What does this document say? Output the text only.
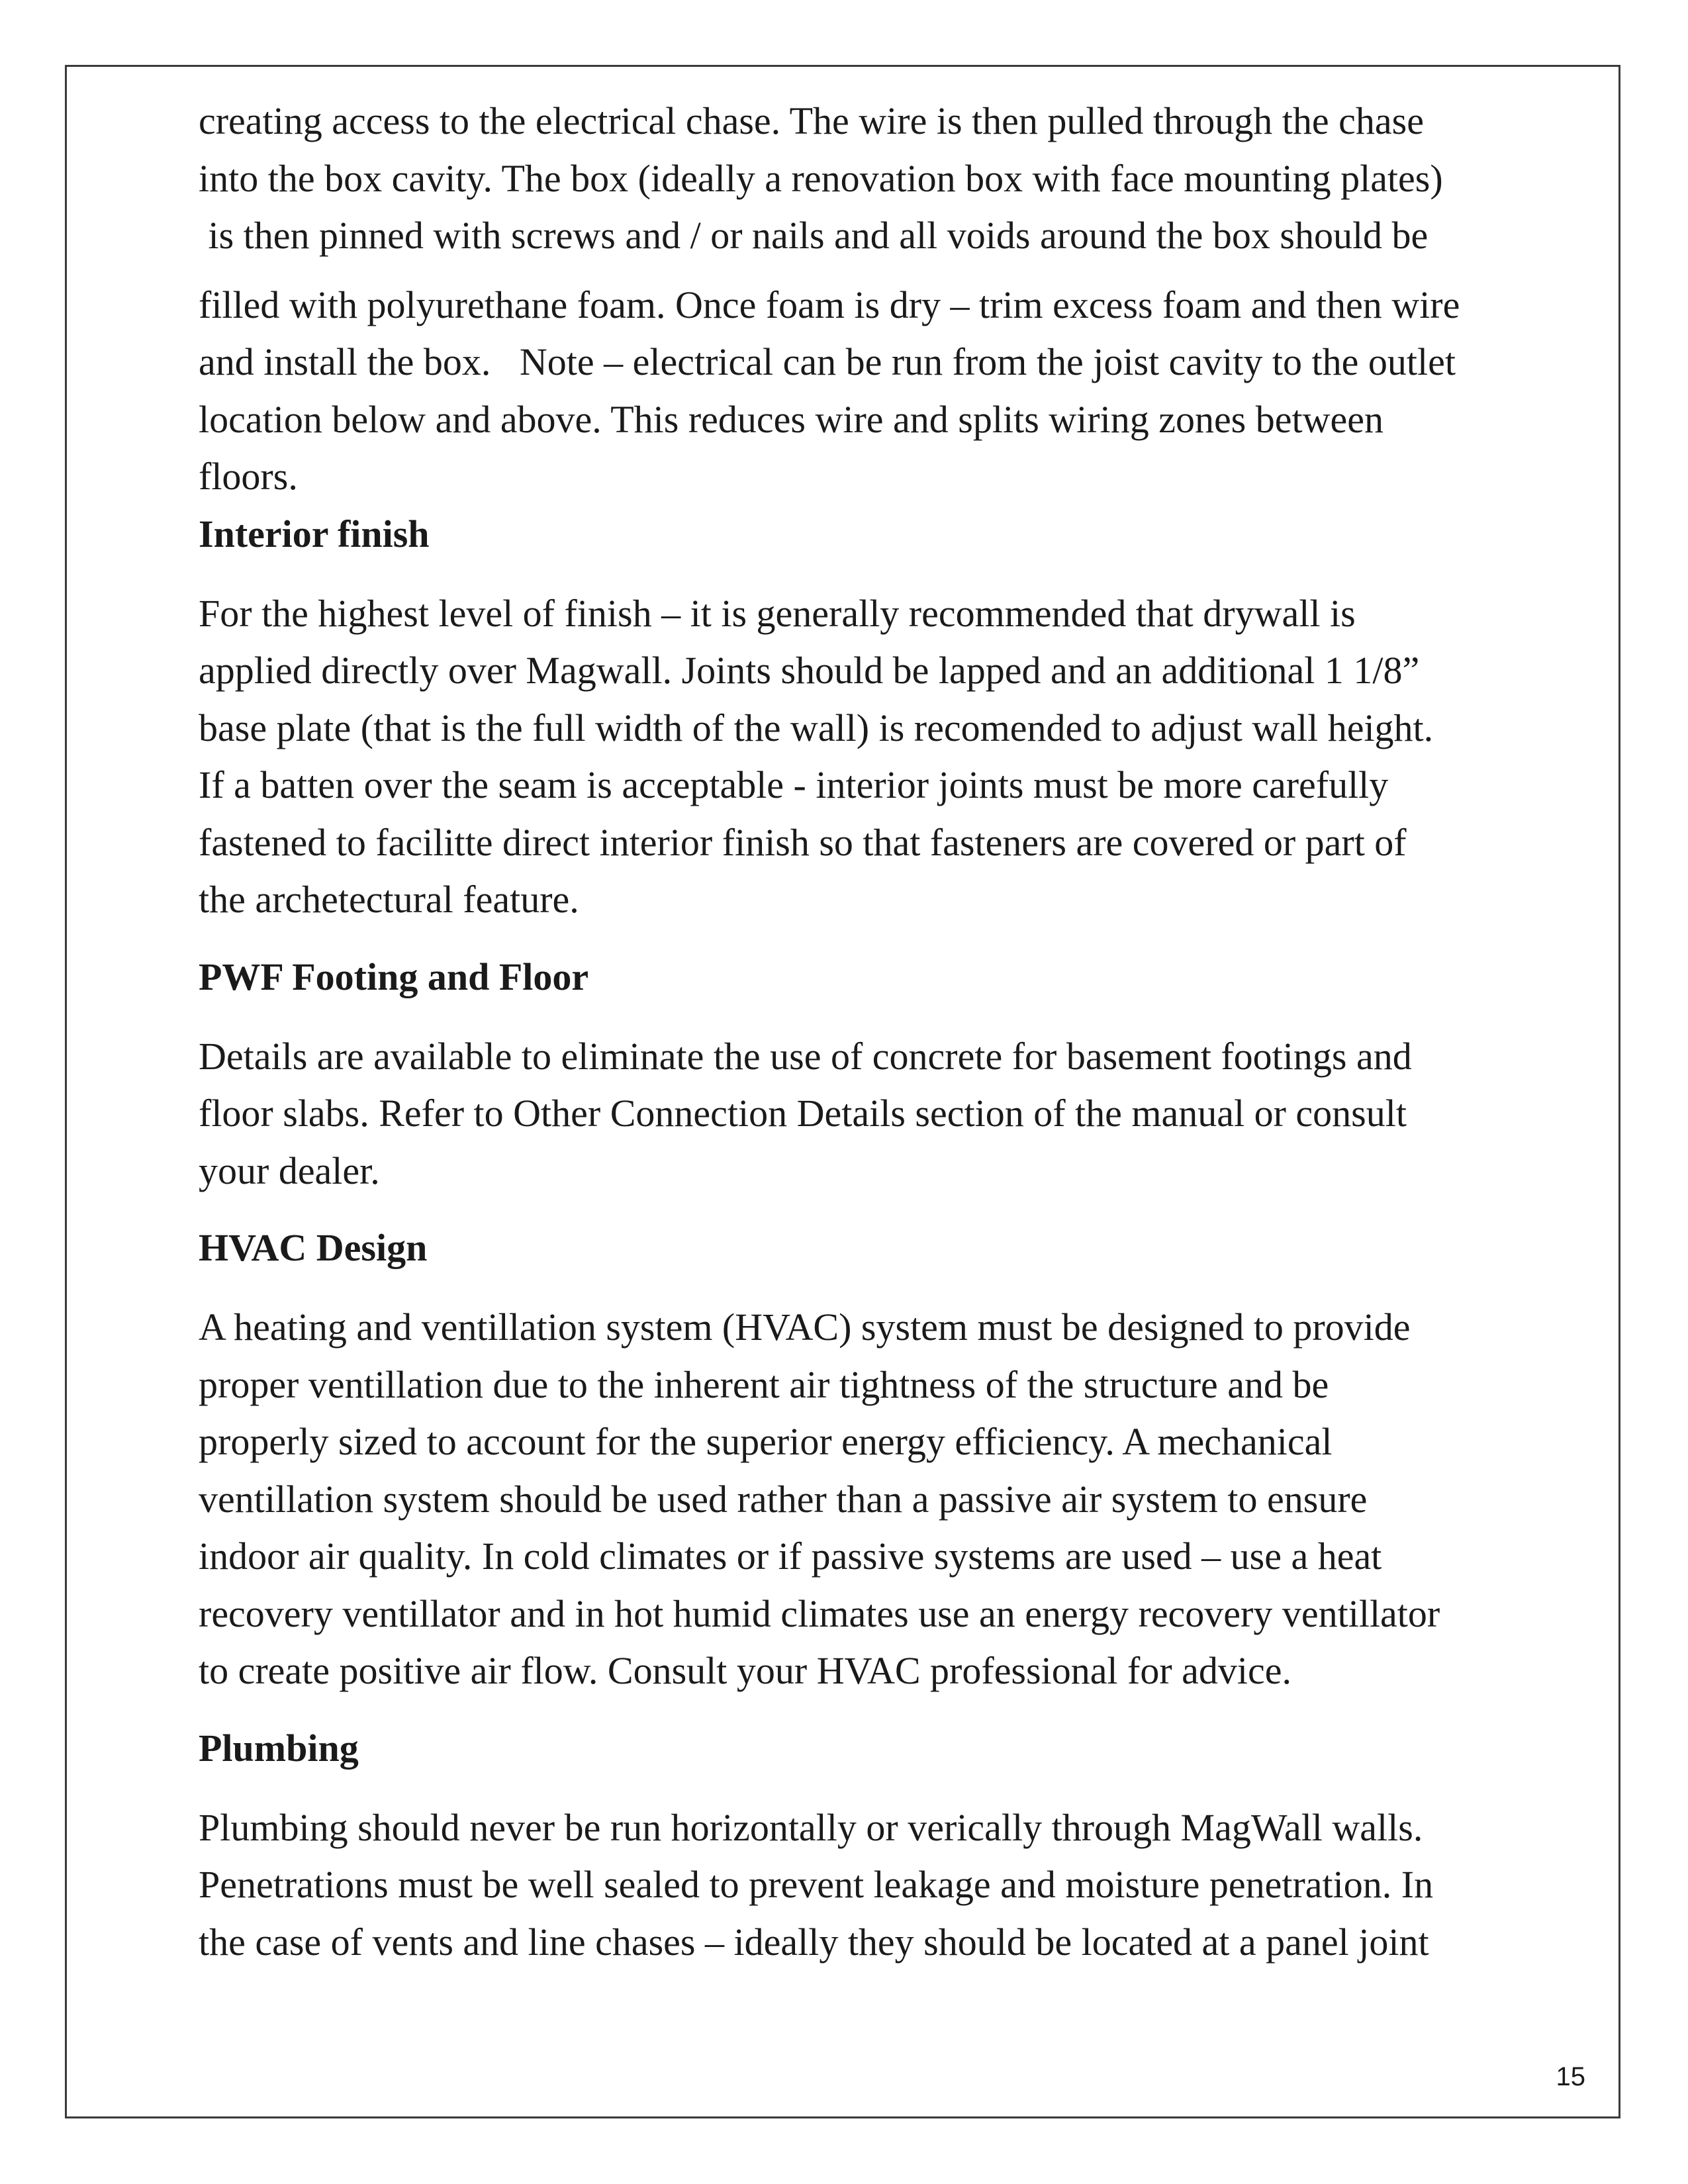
creating access to the electrical chase. The wire is then pulled through the chase
into the box cavity. The box (ideally a renovation box with face mounting plates)
is then pinned with screws and / or nails and all voids around the box should be
filled with polyurethane foam. Once foam is dry – trim excess foam and then wire
and install the box.   Note – electrical can be run from the joist cavity to the outlet
location below and above. This reduces wire and splits wiring zones between
floors.

Interior finish

For the highest level of finish – it is generally recommended that drywall is
applied directly over Magwall. Joints should be lapped and an additional 1 1/8”
base plate (that is the full width of the wall) is recomended to adjust wall height.
If a batten over the seam is acceptable - interior joints must be more carefully
fastened to facilitte direct interior finish so that fasteners are covered or part of
the archetectural feature.

PWF Footing and Floor

Details are available to eliminate the use of concrete for basement footings and
floor slabs. Refer to Other Connection Details section of the manual or consult
your dealer.

HVAC Design

A heating and ventillation system (HVAC) system must be designed to provide
proper ventillation due to the inherent air tightness of the structure and be
properly sized to account for the superior energy efficiency. A mechanical
ventillation system should be used rather than a passive air system to ensure
indoor air quality. In cold climates or if passive systems are used – use a heat
recovery ventillator and in hot humid climates use an energy recovery ventillator
to create positive air flow. Consult your HVAC professional for advice.

Plumbing

Plumbing should never be run horizontally or verically through MagWall walls.
Penetrations must be well sealed to prevent leakage and moisture penetration. In
the case of vents and line chases – ideally they should be located at a panel joint

15
